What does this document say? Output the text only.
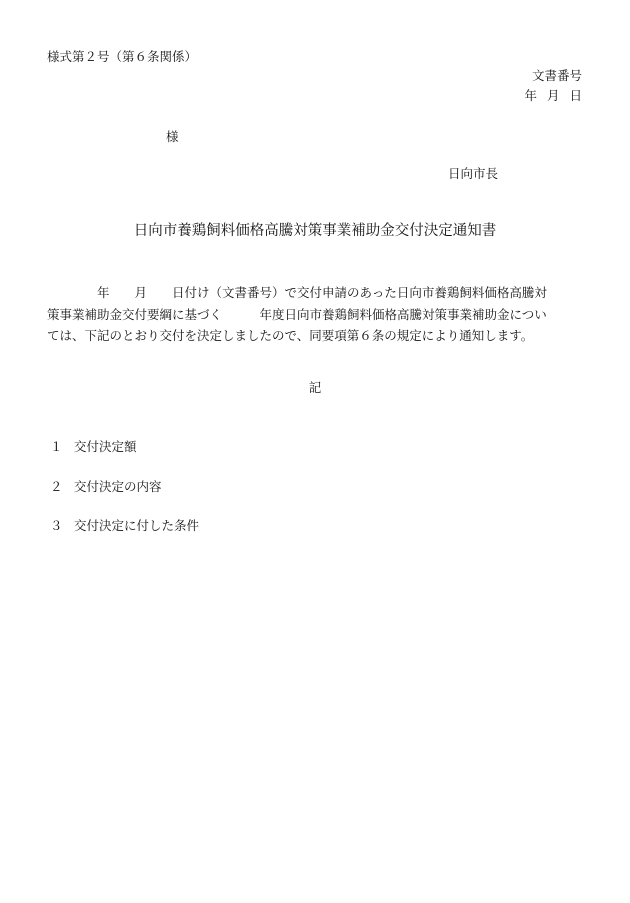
様式第２号（第６条関係）
文書番号
年 月 日
様
日向市長
日向市養鶏飼料価格高騰対策事業補助金交付決定通知書
　　　　年　　月　　日付け（文書番号）で交付申請のあった日向市養鶏飼料価格高騰対
策事業補助金交付要綱に基づく　　　年度日向市養鶏飼料価格高騰対策事業補助金につい
ては、下記のとおり交付を決定しましたので、同要項第６条の規定により通知します。
記
１ 交付決定額
２ 交付決定の内容
３ 交付決定に付した条件
